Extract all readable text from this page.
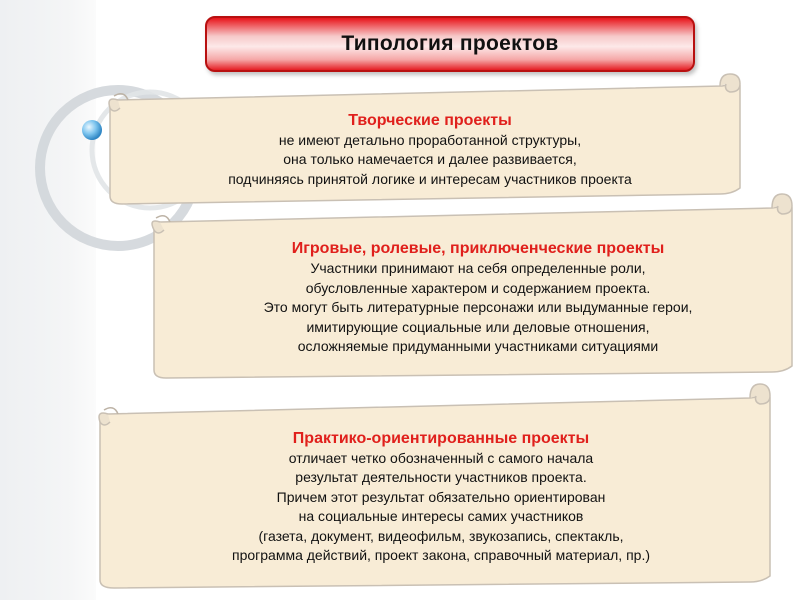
Типология проектов
Творческие проекты
не имеют детально проработанной структуры,
она только намечается и далее развивается,
подчиняясь принятой логике и интересам участников проекта
Игровые, ролевые, приключенческие проекты
Участники принимают на себя определенные роли,
обусловленные характером и содержанием проекта.
Это могут быть литературные персонажи или выдуманные герои,
имитирующие социальные или деловые отношения,
осложняемые придуманными участниками ситуациями
Практико-ориентированные проекты
отличает четко обозначенный с самого начала
результат деятельности участников проекта.
Причем этот результат обязательно ориентирован
на социальные интересы самих участников
(газета, документ, видеофильм, звукозапись, спектакль,
программа действий, проект закона, справочный материал, пр.)
